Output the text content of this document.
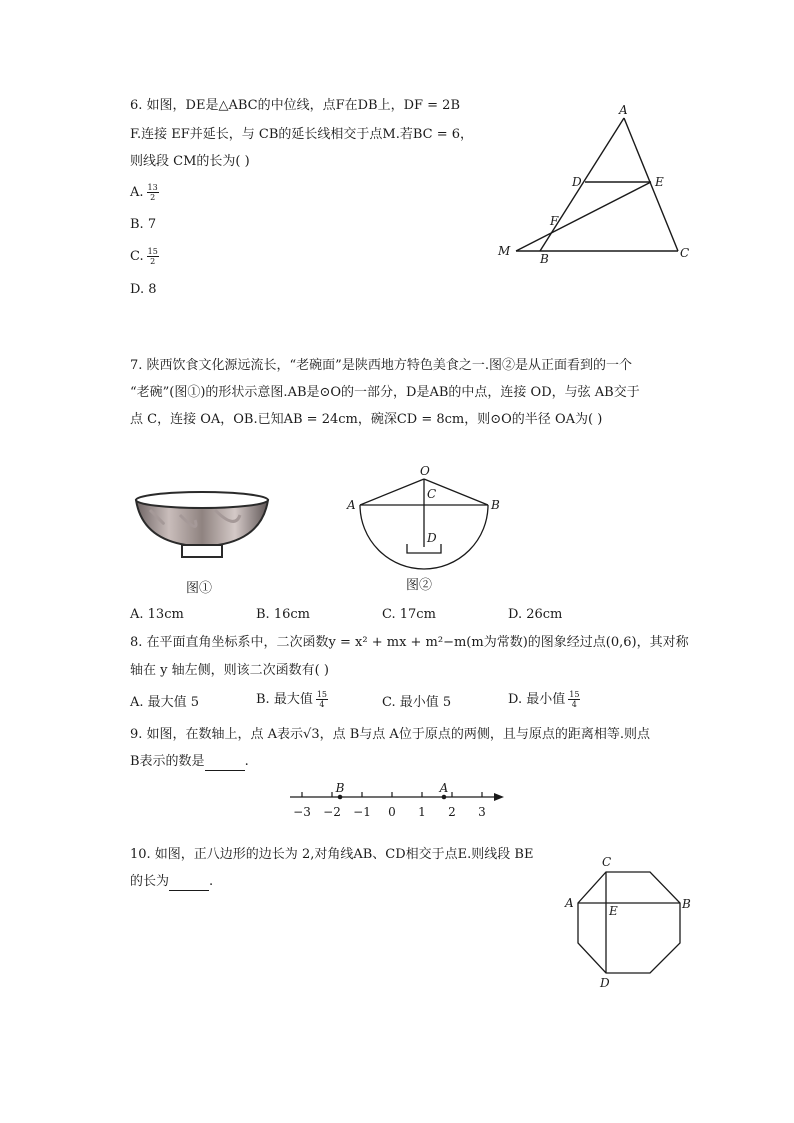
6. 如图，DE是△ABC的中位线，点F在DB上，DF = 2B
F.连接 EF并延长，与 CB的延长线相交于点M.若BC = 6，
则线段 CM的长为( )
A. $\frac{13}{2}$
B. 7
C. $\frac{15}{2}$
D. 8
A
D	E
F
M
B	C
7. 陕西饮食文化源远流长，“老碗面”是陕西地方特色美食之一.图②是从正面看到的一个
“老碗”(图①)的形状示意图.AB是⊙O的一部分，D是AB的中点，连接 OD，与弦 AB交于
点 C，连接 OA，OB.已知AB = 24cm，碗深CD = 8cm，则⊙O的半径 OA为( )
图①
O
C
A	B
D
图②
A. 13cm	B. 16cm	C. 17cm	D. 26cm
8. 在平面直角坐标系中，二次函数y = x² + mx + m²−m(m为常数)的图象经过点(0,6)，其对称
轴在 y 轴左侧，则该二次函数有( )
A. 最大值 5	B. 最大值 $\frac{15}{4}$	C. 最小值 5	D. 最小值 $\frac{15}{4}$
9. 如图，在数轴上，点 A表示√3，点 B与点 A位于原点的两侧，且与原点的距离相等.则点
B表示的数是	.
−3 −2 −1 0 1 2 3
B	A
10. 如图，正八边形的边长为 2,对角线AB、CD相交于点E.则线段 BE
的长为	.
C
A
E	B
D
